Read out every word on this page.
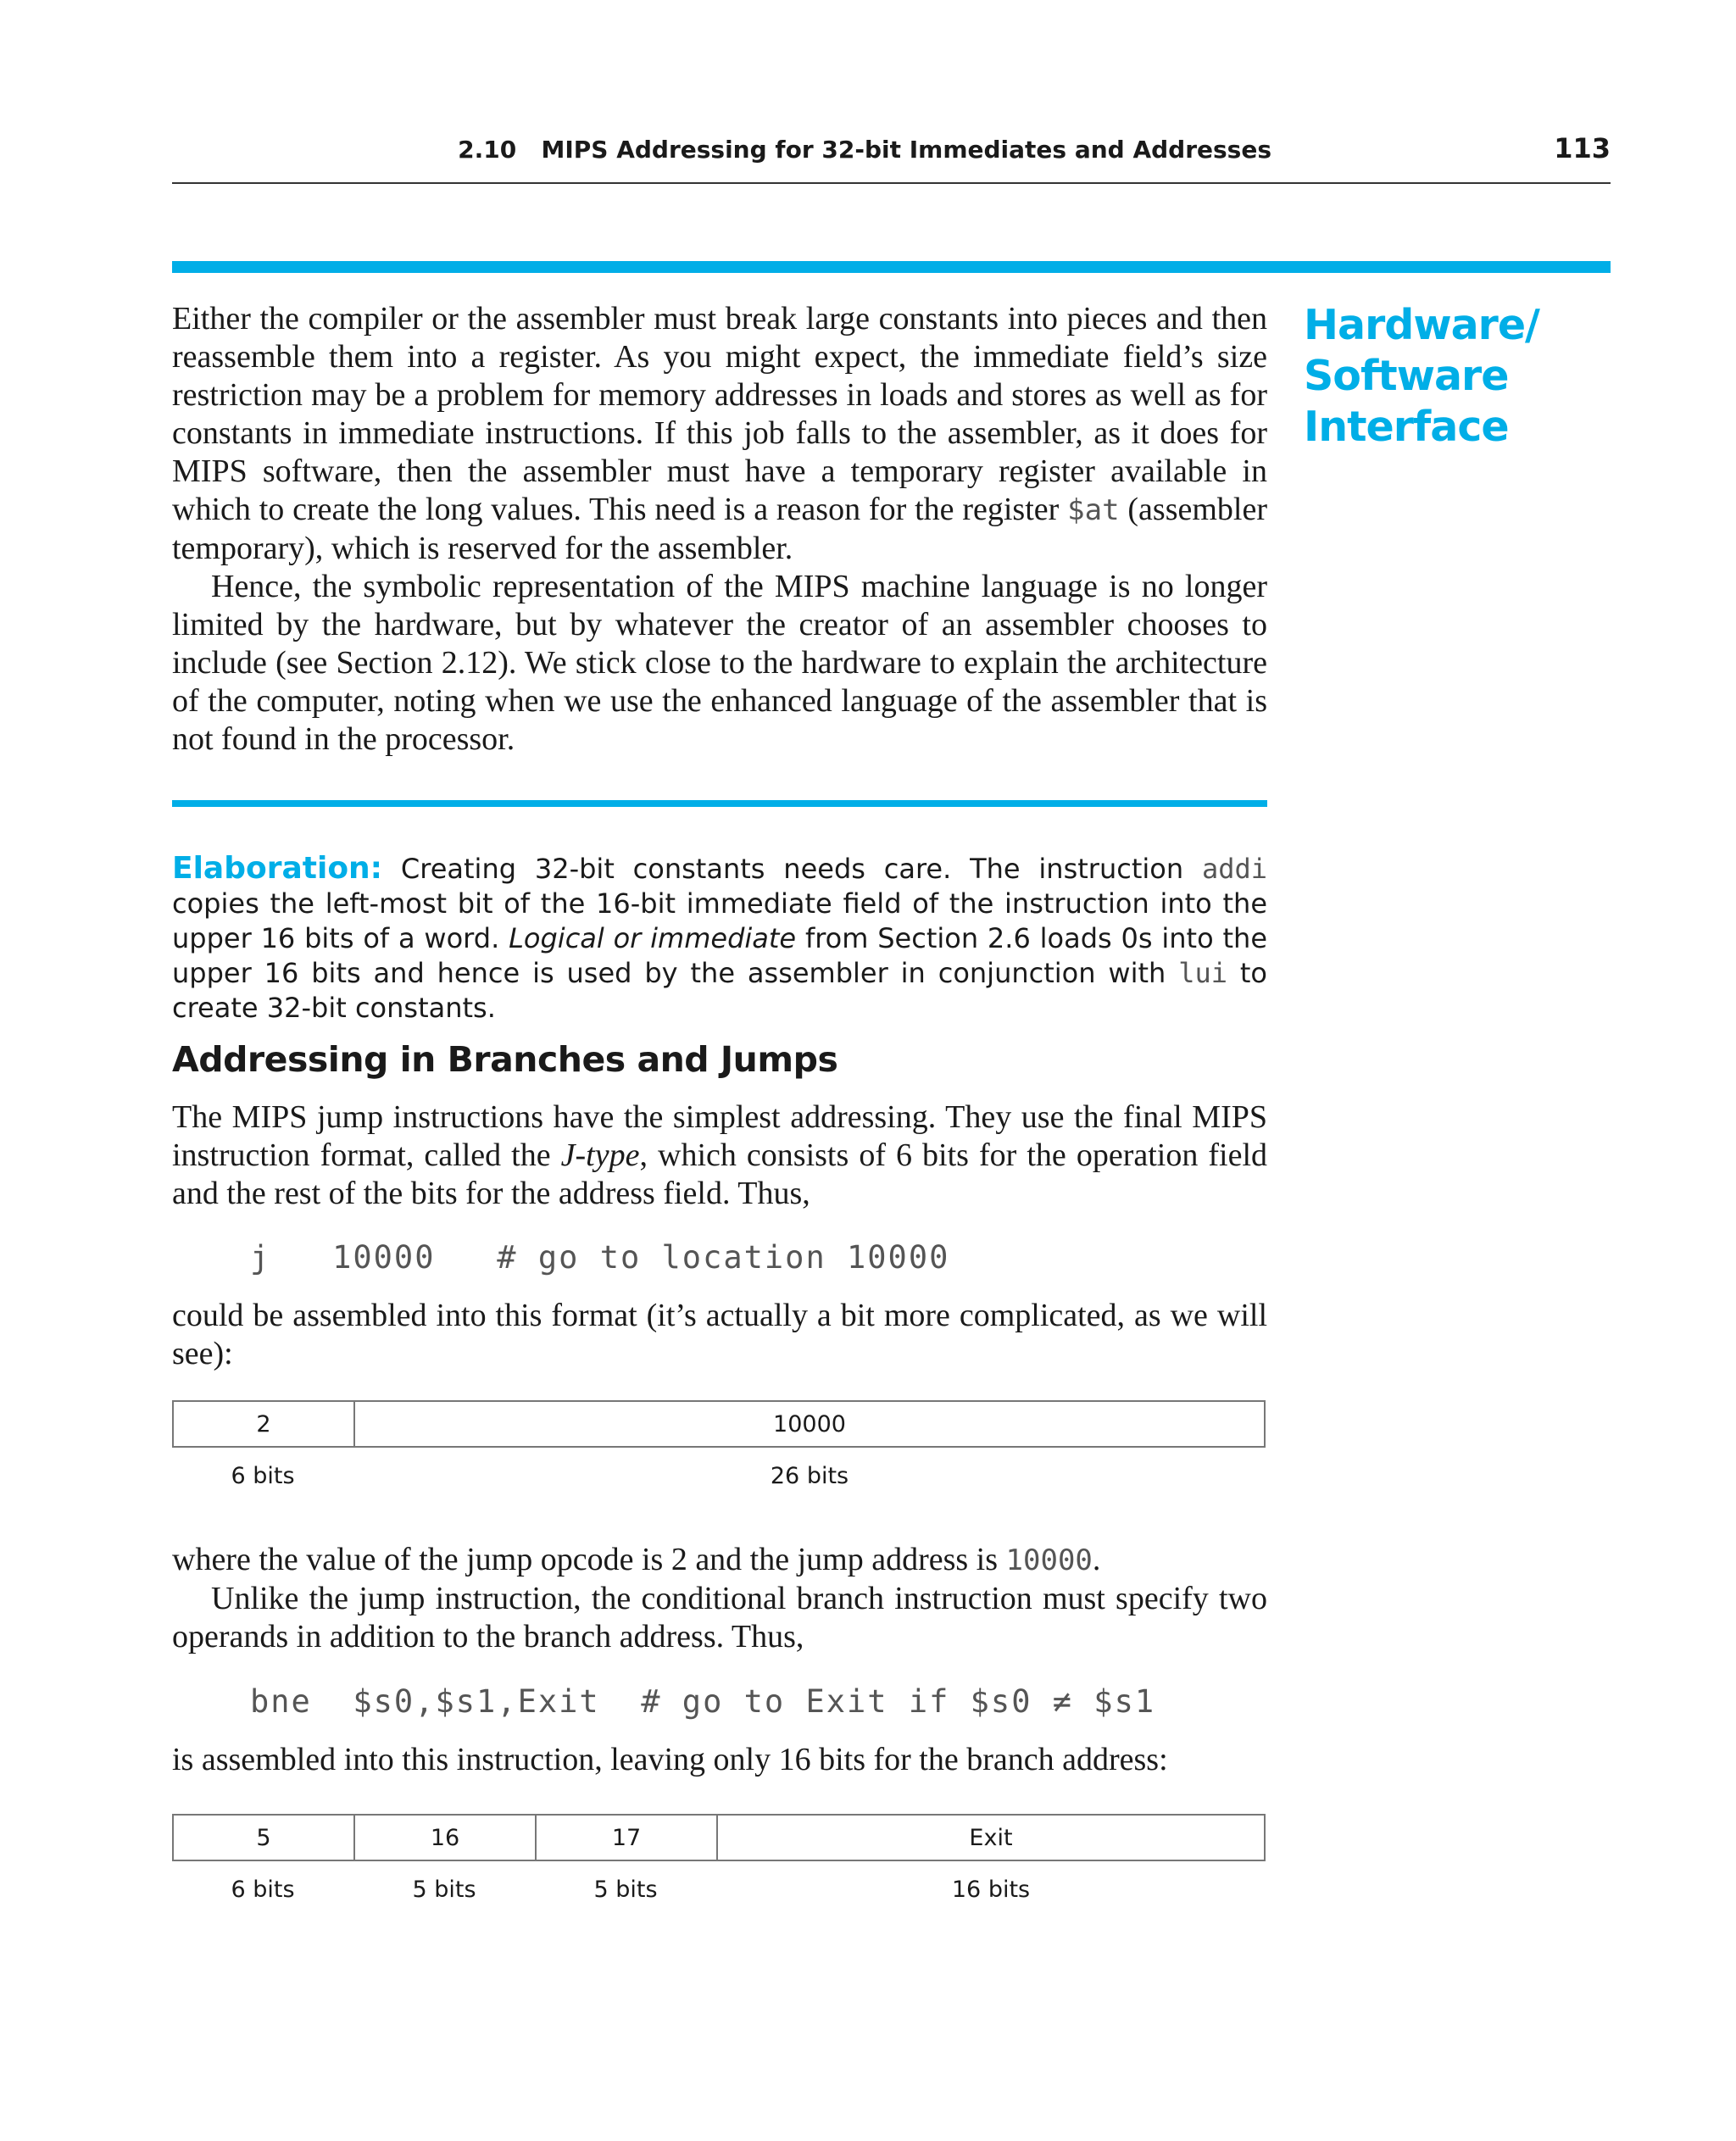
2.10   MIPS Addressing for 32-bit Immediates and Addresses	113
Hardware/
Software
Interface

Either the compiler or the assembler must break large constants into pieces and then reassemble them into a register. As you might expect, the immediate field’s size restriction may be a problem for memory addresses in loads and stores as well as for constants in immediate instructions. If this job falls to the assembler, as it does for MIPS software, then the assembler must have a temporary register available in which to create the long values. This need is a reason for the register $at (assembler temporary), which is reserved for the assembler.

Hence, the symbolic representation of the MIPS machine language is no longer limited by the hardware, but by whatever the creator of an assembler chooses to include (see Section 2.12). We stick close to the hardware to explain the architecture of the computer, noting when we use the enhanced language of the assembler that is not found in the processor.

Elaboration: Creating 32-bit constants needs care. The instruction addi copies the left-most bit of the 16-bit immediate field of the instruction into the upper 16 bits of a word. Logical or immediate from Section 2.6 loads 0s into the upper 16 bits and hence is used by the assembler in conjunction with lui to create 32-bit constants.
Addressing in Branches and Jumps

The MIPS jump instructions have the simplest addressing. They use the final MIPS instruction format, called the J-type, which consists of 6 bits for the operation field and the rest of the bits for the address field. Thus,

j   10000   # go to location 10000

could be assembled into this format (it’s actually a bit more complicated, as we will see):

2	10000
6 bits	26 bits

where the value of the jump opcode is 2 and the jump address is 10000.

Unlike the jump instruction, the conditional branch instruction must specify two operands in addition to the branch address. Thus,

bne  $s0,$s1,Exit  # go to Exit if $s0 ≠ $s1

is assembled into this instruction, leaving only 16 bits for the branch address:

5	16	17	Exit
6 bits	5 bits	5 bits	16 bits
